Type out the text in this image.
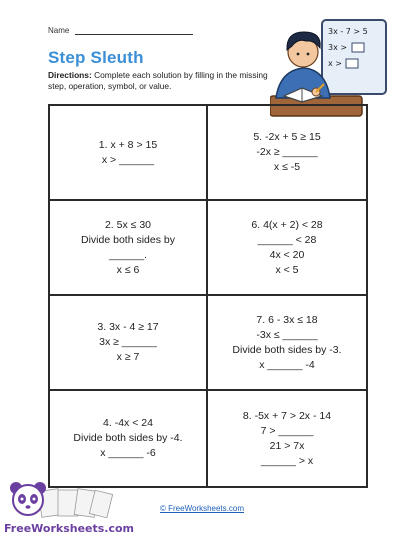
Name
Step Sleuth
Directions: Complete each solution by filling in the missing step, operation, symbol, or value.
3x - 7 > 5
3x >
x >
1. x + 8 > 15
x > ______
5. -2x + 5 ≥ 15
-2x ≥ ______
x ≤ -5
2. 5x ≤ 30
Divide both sides by
______.
x ≤ 6
6. 4(x + 2) < 28
______ < 28
4x < 20
x < 5
3. 3x - 4 ≥ 17
3x ≥ ______
x ≥ 7
7. 6 - 3x ≤ 18
-3x ≤ ______
Divide both sides by -3.
x ______ -4
4. -4x < 24
Divide both sides by -4.
x ______ -6
8. -5x + 7 > 2x - 14
7 > ______
21 > 7x
______ > x
FreeWorksheets.com
© FreeWorksheets.com
